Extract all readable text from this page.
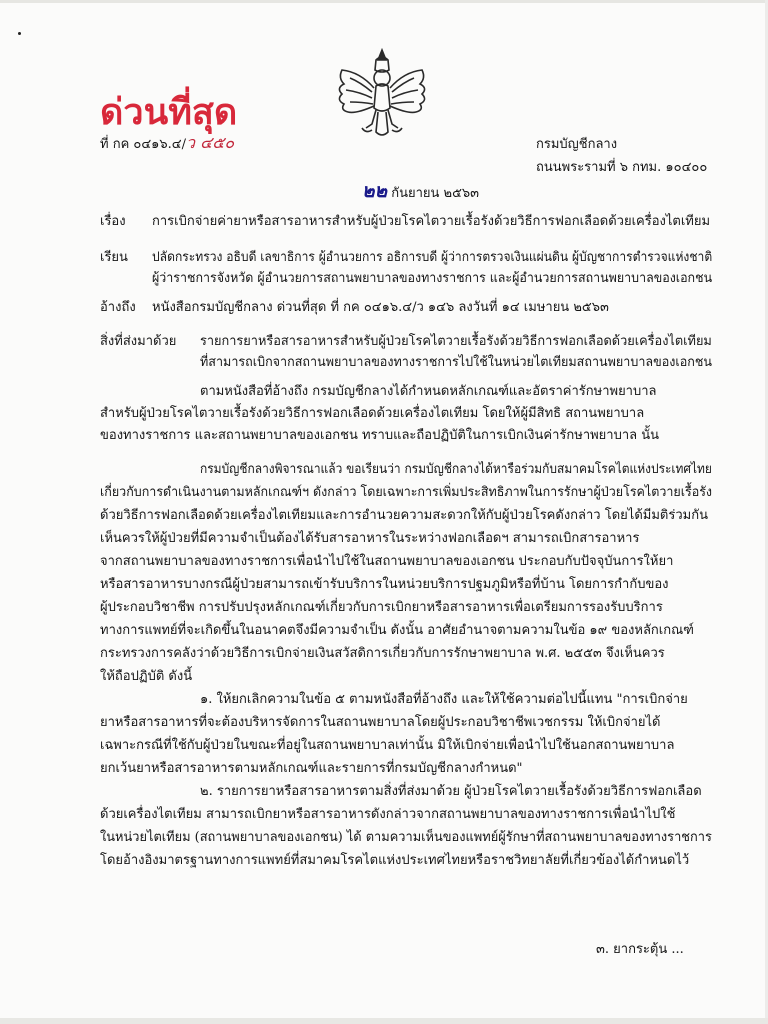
ด่วนที่สุด
ที่ กค ๐๔๑๖.๔/ว ๔๕๐	กรมบัญชีกลาง
ถนนพระรามที่ ๖ กทม. ๑๐๔๐๐
๒๒ กันยายน ๒๕๖๓
เรื่อง การเบิกจ่ายค่ายาหรือสารอาหารสำหรับผู้ป่วยโรคไตวายเรื้อรังด้วยวิธีการฟอกเลือดด้วยเครื่องไตเทียม
เรียน ปลัดกระทรวง อธิบดี เลขาธิการ ผู้อำนวยการ อธิการบดี ผู้ว่าการตรวจเงินแผ่นดิน ผู้บัญชาการตำรวจแห่งชาติ
ผู้ว่าราชการจังหวัด ผู้อำนวยการสถานพยาบาลของทางราชการ และผู้อำนวยการสถานพยาบาลของเอกชน
อ้างถึง หนังสือกรมบัญชีกลาง ด่วนที่สุด ที่ กค ๐๔๑๖.๔/ว ๑๔๖ ลงวันที่ ๑๔ เมษายน ๒๕๖๓
สิ่งที่ส่งมาด้วย รายการยาหรือสารอาหารสำหรับผู้ป่วยโรคไตวายเรื้อรังด้วยวิธีการฟอกเลือดด้วยเครื่องไตเทียม
ที่สามารถเบิกจากสถานพยาบาลของทางราชการไปใช้ในหน่วยไตเทียมสถานพยาบาลของเอกชน
ตามหนังสือที่อ้างถึง กรมบัญชีกลางได้กำหนดหลักเกณฑ์และอัตราค่ารักษาพยาบาล
สำหรับผู้ป่วยโรคไตวายเรื้อรังด้วยวิธีการฟอกเลือดด้วยเครื่องไตเทียม โดยให้ผู้มีสิทธิ สถานพยาบาล
ของทางราชการ และสถานพยาบาลของเอกชน ทราบและถือปฏิบัติในการเบิกเงินค่ารักษาพยาบาล นั้น
กรมบัญชีกลางพิจารณาแล้ว ขอเรียนว่า กรมบัญชีกลางได้หารือร่วมกับสมาคมโรคไตแห่งประเทศไทย
เกี่ยวกับการดำเนินงานตามหลักเกณฑ์ฯ ดังกล่าว โดยเฉพาะการเพิ่มประสิทธิภาพในการรักษาผู้ป่วยโรคไตวายเรื้อรัง
ด้วยวิธีการฟอกเลือดด้วยเครื่องไตเทียมและการอำนวยความสะดวกให้กับผู้ป่วยโรคดังกล่าว โดยได้มีมติร่วมกัน
เห็นควรให้ผู้ป่วยที่มีความจำเป็นต้องได้รับสารอาหารในระหว่างฟอกเลือดฯ สามารถเบิกสารอาหาร
จากสถานพยาบาลของทางราชการเพื่อนำไปใช้ในสถานพยาบาลของเอกชน ประกอบกับปัจจุบันการให้ยา
หรือสารอาหารบางกรณีผู้ป่วยสามารถเข้ารับบริการในหน่วยบริการปฐมภูมิหรือที่บ้าน โดยการกำกับของ
ผู้ประกอบวิชาชีพ การปรับปรุงหลักเกณฑ์เกี่ยวกับการเบิกยาหรือสารอาหารเพื่อเตรียมการรองรับบริการ
ทางการแพทย์ที่จะเกิดขึ้นในอนาคตจึงมีความจำเป็น ดังนั้น อาศัยอำนาจตามความในข้อ ๑๙ ของหลักเกณฑ์
กระทรวงการคลังว่าด้วยวิธีการเบิกจ่ายเงินสวัสดิการเกี่ยวกับการรักษาพยาบาล พ.ศ. ๒๕๕๓ จึงเห็นควร
ให้ถือปฏิบัติ ดังนี้
๑. ให้ยกเลิกความในข้อ ๕ ตามหนังสือที่อ้างถึง และให้ใช้ความต่อไปนี้แทน "การเบิกจ่าย
ยาหรือสารอาหารที่จะต้องบริหารจัดการในสถานพยาบาลโดยผู้ประกอบวิชาชีพเวชกรรม ให้เบิกจ่ายได้
เฉพาะกรณีที่ใช้กับผู้ป่วยในขณะที่อยู่ในสถานพยาบาลเท่านั้น มิให้เบิกจ่ายเพื่อนำไปใช้นอกสถานพยาบาล
ยกเว้นยาหรือสารอาหารตามหลักเกณฑ์และรายการที่กรมบัญชีกลางกำหนด"
๒. รายการยาหรือสารอาหารตามสิ่งที่ส่งมาด้วย ผู้ป่วยโรคไตวายเรื้อรังด้วยวิธีการฟอกเลือด
ด้วยเครื่องไตเทียม สามารถเบิกยาหรือสารอาหารดังกล่าวจากสถานพยาบาลของทางราชการเพื่อนำไปใช้
ในหน่วยไตเทียม (สถานพยาบาลของเอกชน) ได้ ตามความเห็นของแพทย์ผู้รักษาที่สถานพยาบาลของทางราชการ
โดยอ้างอิงมาตรฐานทางการแพทย์ที่สมาคมโรคไตแห่งประเทศไทยหรือราชวิทยาลัยที่เกี่ยวข้องได้กำหนดไว้
๓. ยากระตุ้น ...
